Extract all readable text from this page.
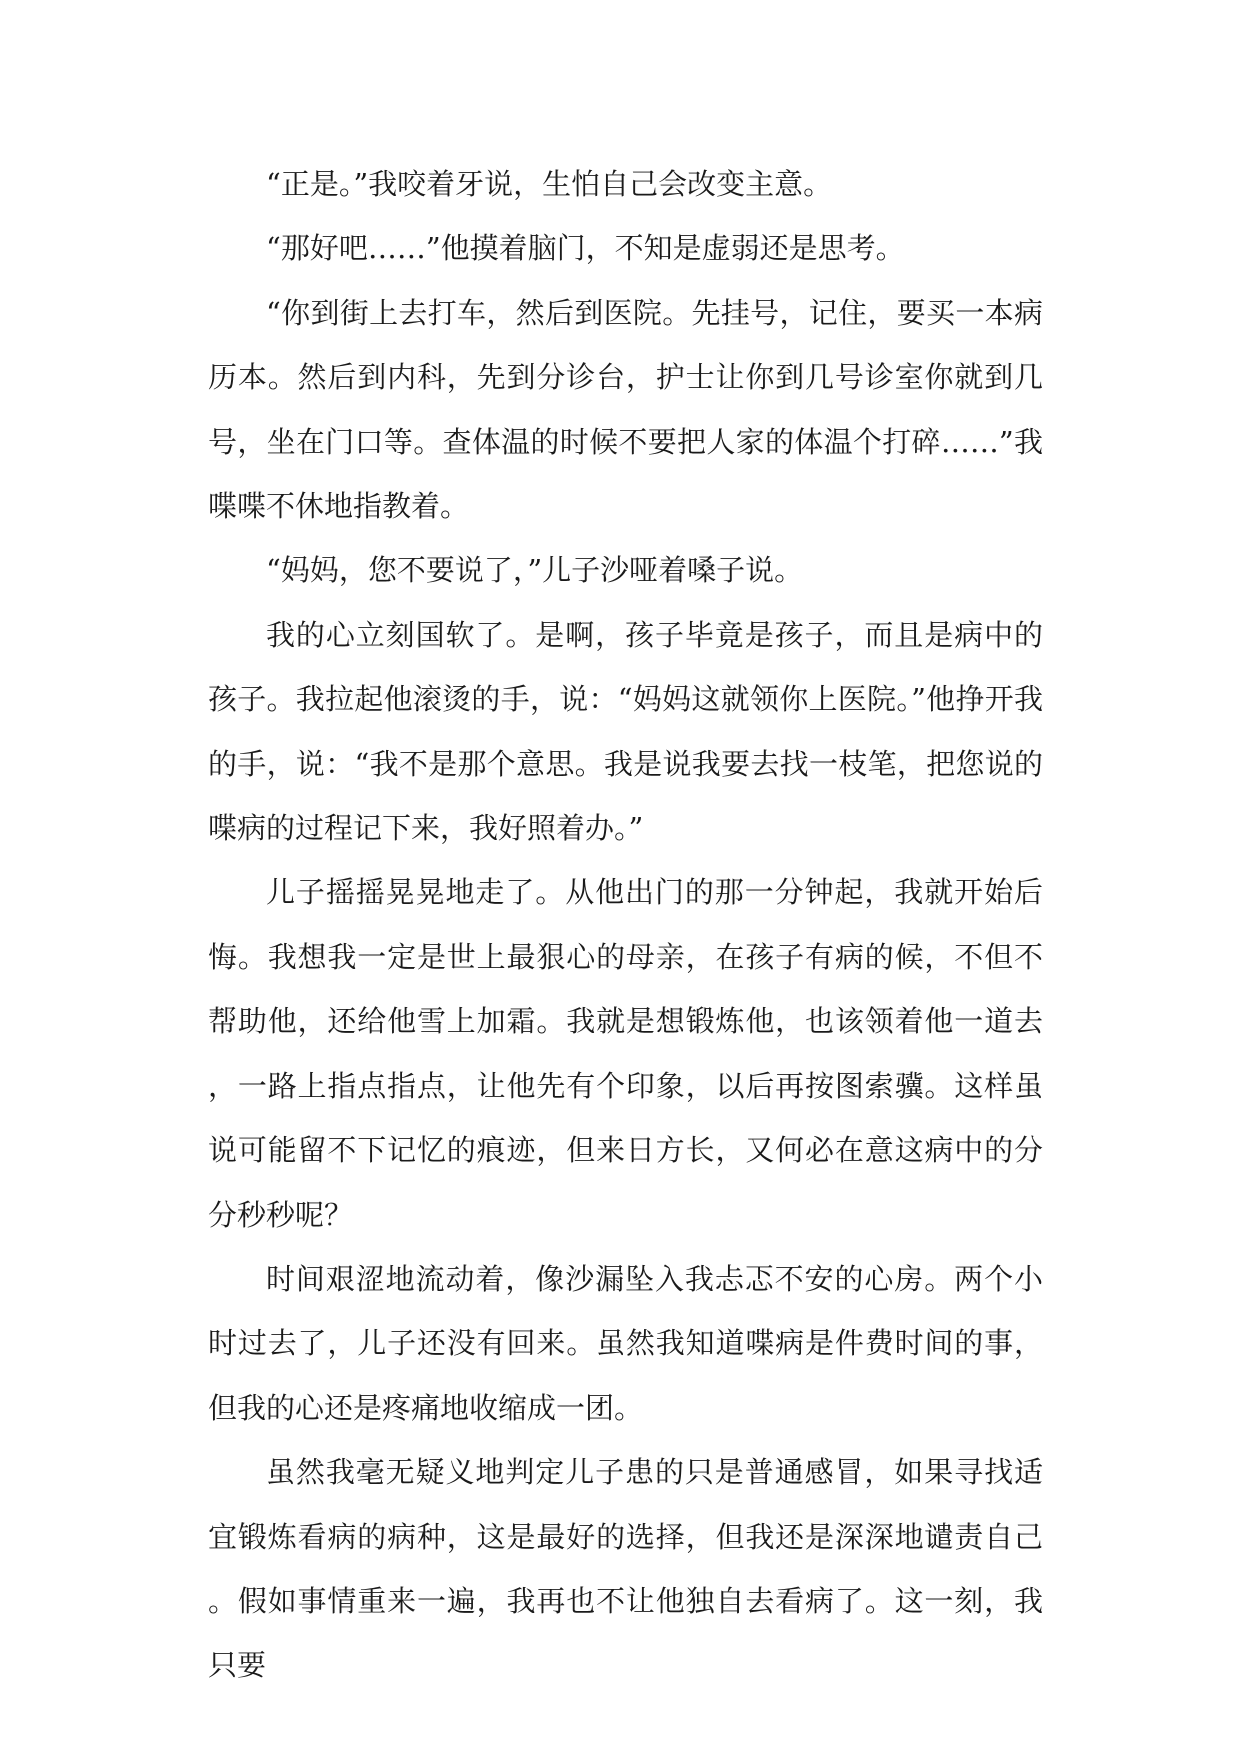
“正是。”我咬着牙说，生怕自己会改变主意。

“那好吧……”他摸着脑门，不知是虚弱还是思考。

“你到街上去打车，然后到医院。先挂号，记住，要买一本病历本。然后到内科，先到分诊台，护士让你到几号诊室你就到几号，坐在门口等。查体温的时候不要把人家的体温个打碎……”我喋喋不休地指教着。

“妈妈，您不要说了，”儿子沙哑着嗓子说。

我的心立刻国软了。是啊，孩子毕竟是孩子，而且是病中的孩子。我拉起他滚烫的手，说：“妈妈这就领你上医院。”他挣开我的手，说：“我不是那个意思。我是说我要去找一枝笔，把您说的喋病的过程记下来，我好照着办。”

儿子摇摇晃晃地走了。从他出门的那一分钟起，我就开始后悔。我想我一定是世上最狠心的母亲，在孩子有病的候，不但不帮助他，还给他雪上加霜。我就是想锻炼他，也该领着他一道去，一路上指点指点，让他先有个印象，以后再按图索骥。这样虽说可能留不下记忆的痕迹，但来日方长，又何必在意这病中的分分秒秒呢？

时间艰涩地流动着，像沙漏坠入我忐忑不安的心房。两个小时过去了，儿子还没有回来。虽然我知道喋病是件费时间的事，但我的心还是疼痛地收缩成一团。

虽然我毫无疑义地判定儿子患的只是普通感冒，如果寻找适宜锻炼看病的病种，这是最好的选择，但我还是深深地谴责自己。假如事情重来一遍，我再也不让他独自去看病了。这一刻，我只要
